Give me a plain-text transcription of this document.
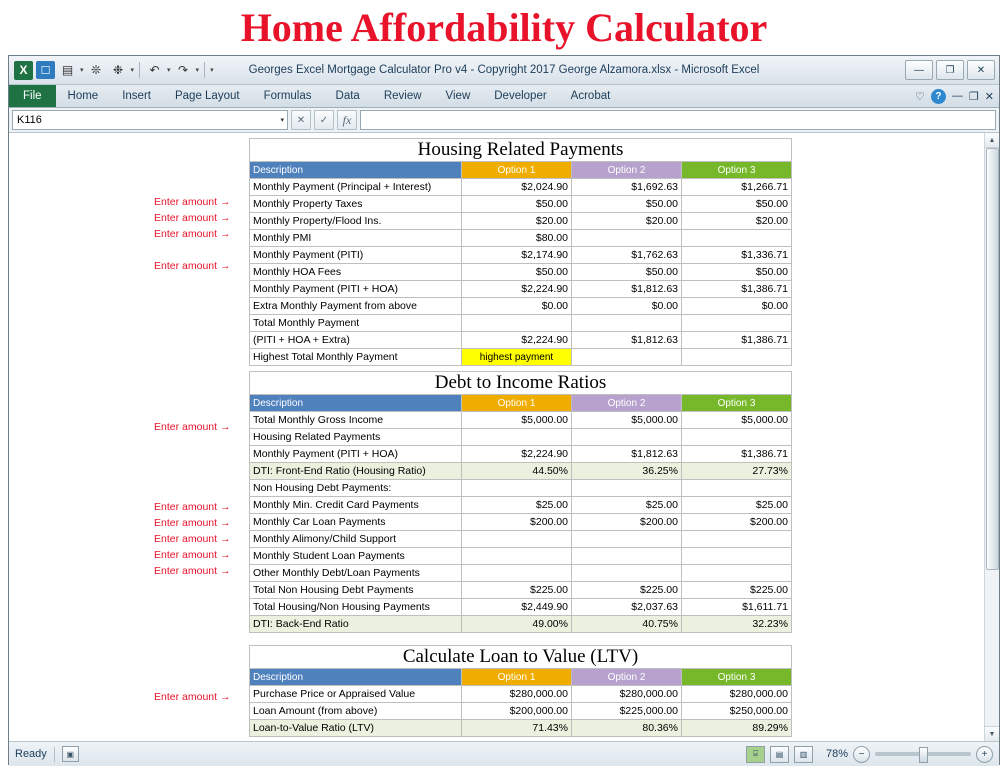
Home Affordability Calculator
X	☐ ▤ ▾ ❊ ❉	▾	↶	▾ ↷	▾ ▾	Georges Excel Mortgage Calculator Pro v4 - Copyright 2017 George Alzamora.xlsx - Microsoft Excel	—	❐	✕
File	Home	Insert	Page Layout	Formulas	Data	Review	View	Developer	Acrobat	♡	? — ❐ ✕
K116	▾	✕	✓	fx
Enter amount →
Enter amount →
Enter amount →
Enter amount →
Enter amount →
Enter amount →
Enter amount →
Enter amount →
Enter amount →
Enter amount →
Enter amount →
Housing Related Payments			
Description	Option 1	Option 2	Option 3
Monthly Payment (Principal + Interest)	$2,024.90	$1,692.63	$1,266.71
Monthly Property Taxes	$50.00	$50.00	$50.00
Monthly Property/Flood Ins.	$20.00	$20.00	$20.00
Monthly PMI	$80.00		
Monthly Payment (PITI)	$2,174.90	$1,762.63	$1,336.71
Monthly HOA Fees	$50.00	$50.00	$50.00
Monthly Payment (PITI + HOA)	$2,224.90	$1,812.63	$1,386.71
Extra Monthly Payment from above	$0.00	$0.00	$0.00
Total Monthly Payment			
(PITI + HOA + Extra)	$2,224.90	$1,812.63	$1,386.71
Highest Total Monthly Payment	highest payment		
Debt to Income Ratios			
Description	Option 1	Option 2	Option 3
Total Monthly Gross Income	$5,000.00	$5,000.00	$5,000.00
Housing Related Payments			
Monthly Payment (PITI + HOA)	$2,224.90	$1,812.63	$1,386.71
DTI: Front-End Ratio (Housing Ratio)	44.50%	36.25%	27.73%
Non Housing Debt Payments:			
Monthly Min. Credit Card Payments	$25.00	$25.00	$25.00
Monthly Car Loan Payments	$200.00	$200.00	$200.00
Monthly Alimony/Child Support			
Monthly Student Loan Payments			
Other Monthly Debt/Loan Payments			
Total Non Housing Debt Payments	$225.00	$225.00	$225.00
Total Housing/Non Housing Payments	$2,449.90	$2,037.63	$1,611.71
DTI: Back-End Ratio	49.00%	40.75%	32.23%
Calculate Loan to Value (LTV)			
Description	Option 1	Option 2	Option 3
Purchase Price or Appraised Value	$280,000.00	$280,000.00	$280,000.00
Loan Amount (from above)	$200,000.00	$225,000.00	$250,000.00
Loan-to-Value Ratio (LTV)	71.43%	80.36%	89.29%
▲
▼
Ready	▣	⌸	▤	▥	78%	−	+
